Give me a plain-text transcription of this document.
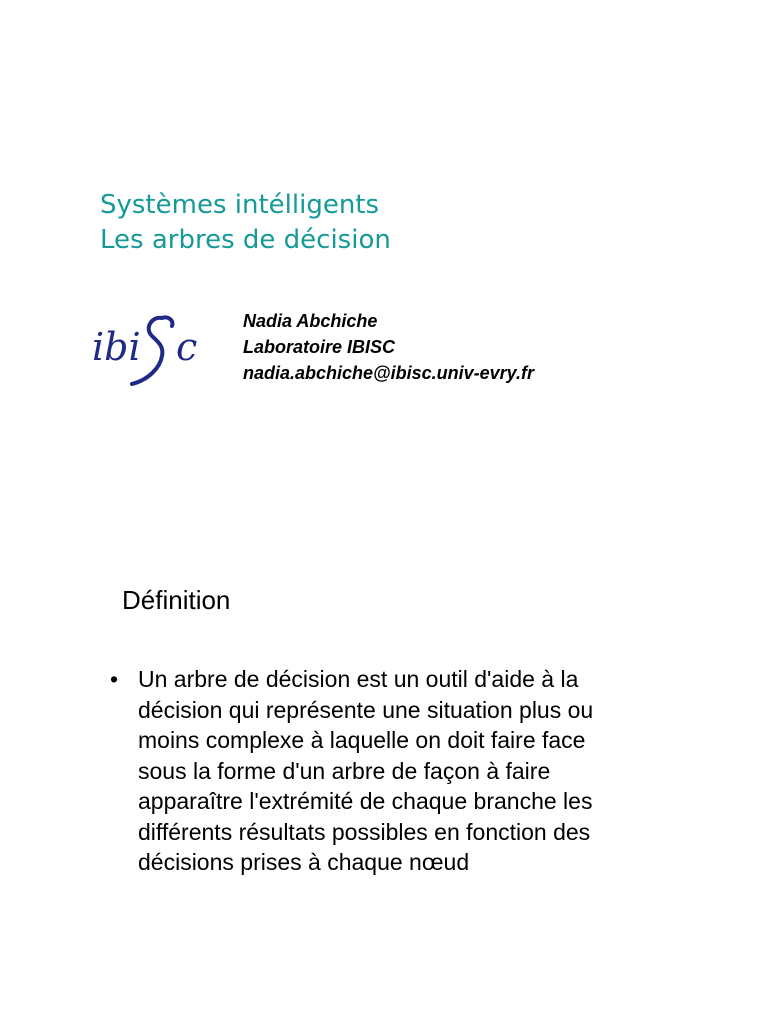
Systèmes intélligents
Les arbres de décision
ibi c
Nadia Abchiche
Laboratoire IBISC
nadia.abchiche@ibisc.univ-evry.fr
Définition
• Un arbre de décision est un outil d'aide à la
décision qui représente une situation plus ou
moins complexe à laquelle on doit faire face
sous la forme d'un arbre de façon à faire
apparaître l'extrémité de chaque branche les
différents résultats possibles en fonction des
décisions prises à chaque nœud
